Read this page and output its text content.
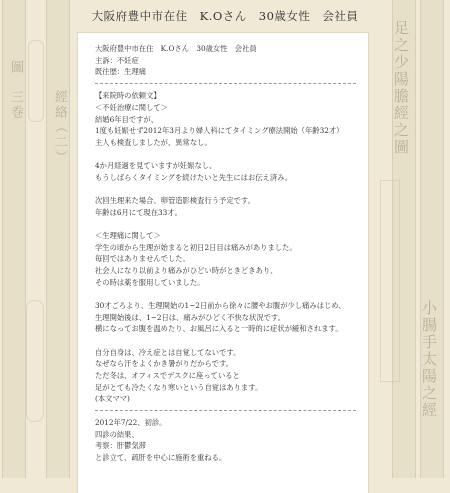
圖　三巻 經絡（二）	足之少陽膽經之圖
小腸手太陽之經
大阪府豊中市在住　K.Oさん　30歳女性　会社員

大阪府豊中市在住　K.Oさん　30歳女性　会社員

主訴：不妊症

既往歴：生理痛

【来院時の依頼文】

＜不妊治療に関して＞

結婚6年目ですが、

1度も妊娠せず2012年3月より婦人科にてタイミング療法開始（年齢32才）

主人も検査しましたが、異常なし。

4か月経過を見ていますが妊娠なし、

もうしばらくタイミングを続けたいと先生にはお伝え済み。

次回生理来た場合、卵管造影検査行う予定です。

年齢は6月にて現在33才。

＜生理痛に関して＞

学生の頃から生理が始まると初日2日目は痛みがありました。

毎回ではありませんでした。

社会人になり以前より痛みがひどい時がときどきあり、

その時は薬を服用していました。

30才ごろより、生理開始の1~2日前から徐々に腰やお腹が少し痛みはじめ、

生理開始後は、1~2日は、痛みがひどく不快な状況です。

横になってお腹を温めたり、お風呂に入ると一時的に症状が緩和されます。

自分自身は、冷え症とは自覚してないです。

なぜなら汗をよくかき暑がりだからです。

ただ冬は、オフィスでデスクに座っていると

足がとても冷たくなり寒いという自覚はあります。

(本文ママ)

2012年7/22、初診。

四診の結果、

考察：肝鬱気滞

と診立て、疏肝を中心に施術を重ねる。
